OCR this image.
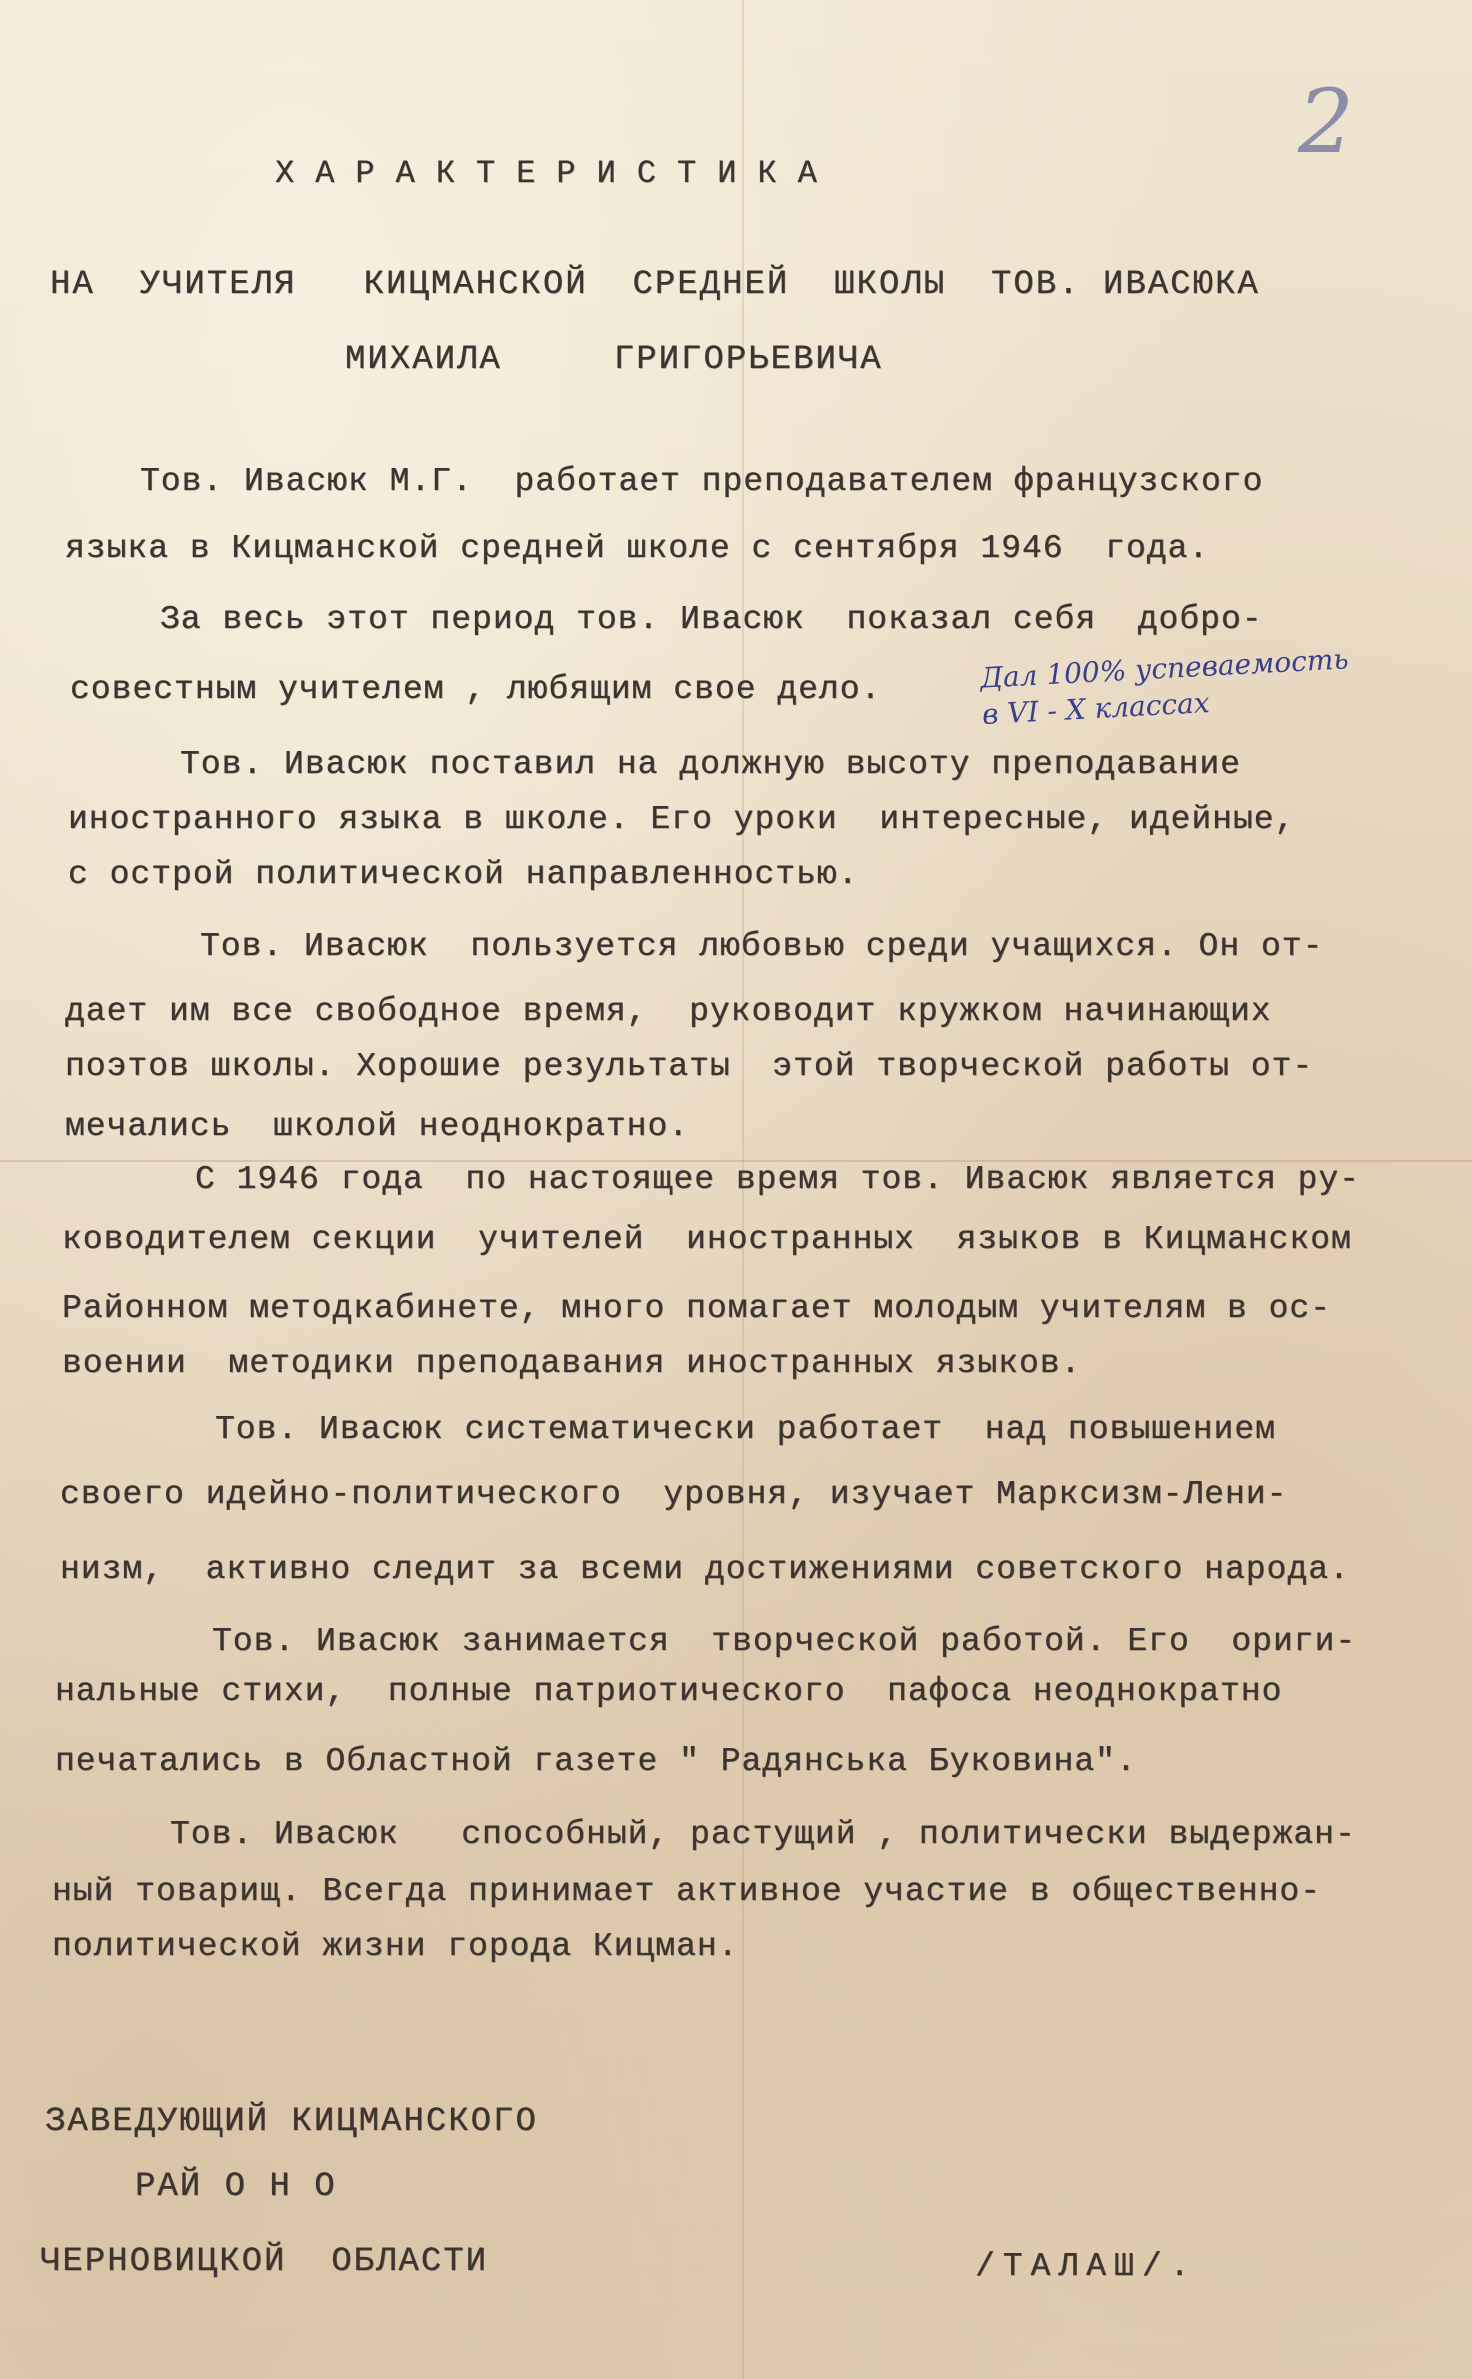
2
ХАРАКТЕРИСТИКА
НА  УЧИТЕЛЯ   КИЦМАНСКОЙ  СРЕДНЕЙ  ШКОЛЫ  ТОВ. ИВАСЮКА
МИХАИЛА     ГРИГОРЬЕВИЧА
Тов. Ивасюк М.Г.  работает преподавателем французского
языка в Кицманской средней школе с сентября 1946  года.
За весь этот период тов. Ивасюк  показал себя  добро-
совестным учителем , любящим свое дело.
Тов. Ивасюк поставил на должную высоту преподавание
иностранного языка в школе. Его уроки  интересные, идейные,
с острой политической направленностью.
Тов. Ивасюк  пользуется любовью среди учащихся. Он от-
дает им все свободное время,  руководит кружком начинающих
поэтов школы. Хорошие результаты  этой творческой работы от-
мечались  школой неоднократно.
С 1946 года  по настоящее время тов. Ивасюк является ру-
ководителем секции  учителей  иностранных  языков в Кицманском
Районном методкабинете, много помагает молодым учителям в ос-
воении  методики преподавания иностранных языков.
Тов. Ивасюк систематически работает  над повышением
своего идейно-политического  уровня, изучает Марксизм-Лени-
низм,  активно следит за всеми достижениями советского народа.
Тов. Ивасюк занимается  творческой работой. Его  ориги-
нальные стихи,  полные патриотического  пафоса неоднократно
печатались в Областной газете " Радянська Буковина".
Тов. Ивасюк   способный, растущий , политически выдержан-
ный товарищ. Всегда принимает активное участие в общественно-
политической жизни города Кицман.
Дал 100% успеваемость
в VI - X классах
ЗАВЕДУЮЩИЙ КИЦМАНСКОГО
РАЙ О Н О
ЧЕРНОВИЦКОЙ  ОБЛАСТИ	/ТАЛАШ/.
